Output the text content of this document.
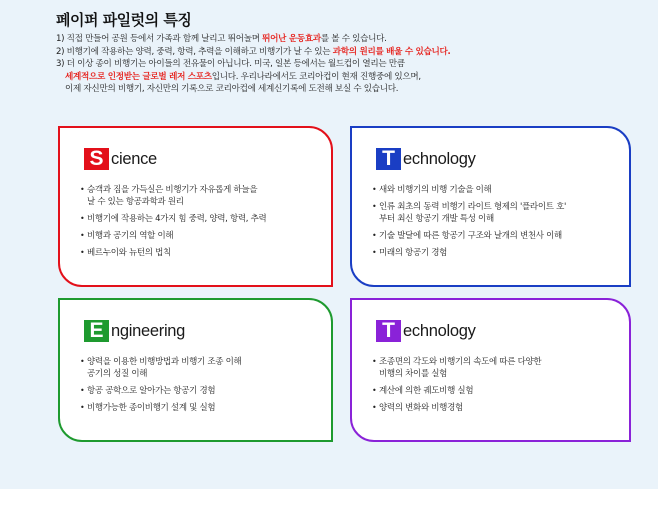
페이퍼 파일럿의 특징
1) 직접 만들어 공원 등에서 가족과 함께 날리고 뛰어놀며 뛰어난 운동효과를 볼 수 있습니다.
2) 비행기에 작용하는 양력, 중력, 항력, 추력을 이해하고 비행기가 날 수 있는 과학의 원리를 배울 수 있습니다.
3) 더 이상 종이 비행기는 아이들의 전유물이 아닙니다. 미국, 일본 등에서는 월드컵이 열리는 만큼
세계적으로 인정받는 글로벌 레저 스포츠입니다. 우리나라에서도 코리아컵이 현재 진행중에 있으며,
이제 자신만의 비행기, 자신만의 기록으로 코리아컵에 세계신기록에 도전해 보실 수 있습니다.
S cience
• 승객과 짐을 가득실은 비행기가 자유롭게 하늘을
날 수 있는 항공과학과 원리
• 비행기에 작용하는 4가지 힘 중력, 양력, 항력, 추력
• 비행과 공기의 역할 이해
• 베르누이와 뉴턴의 법칙
T echnology
• 새와 비행기의 비행 기술을 이해
• 인류 최초의 동력 비행기 라이트 형제의 '플라이트 호'
부터 최신 항공기 개발 특성 이해
• 기술 발달에 따른 항공기 구조와 날개의 변천사 이해
• 미래의 항공기 경험
E ngineering
• 양력을 이용한 비행방법과 비행기 조종 이해
공기의 성질 이해
• 항공 공학으로 알아가는 항공기 경험
• 비행가능한 종이비행기 설계 및 실험
T echnology
• 조종면의 각도와 비행기의 속도에 따른 다양한
비행의 차이를 실험
• 계산에 의한 궤도비행 실험
• 양력의 변화와 비행경험
